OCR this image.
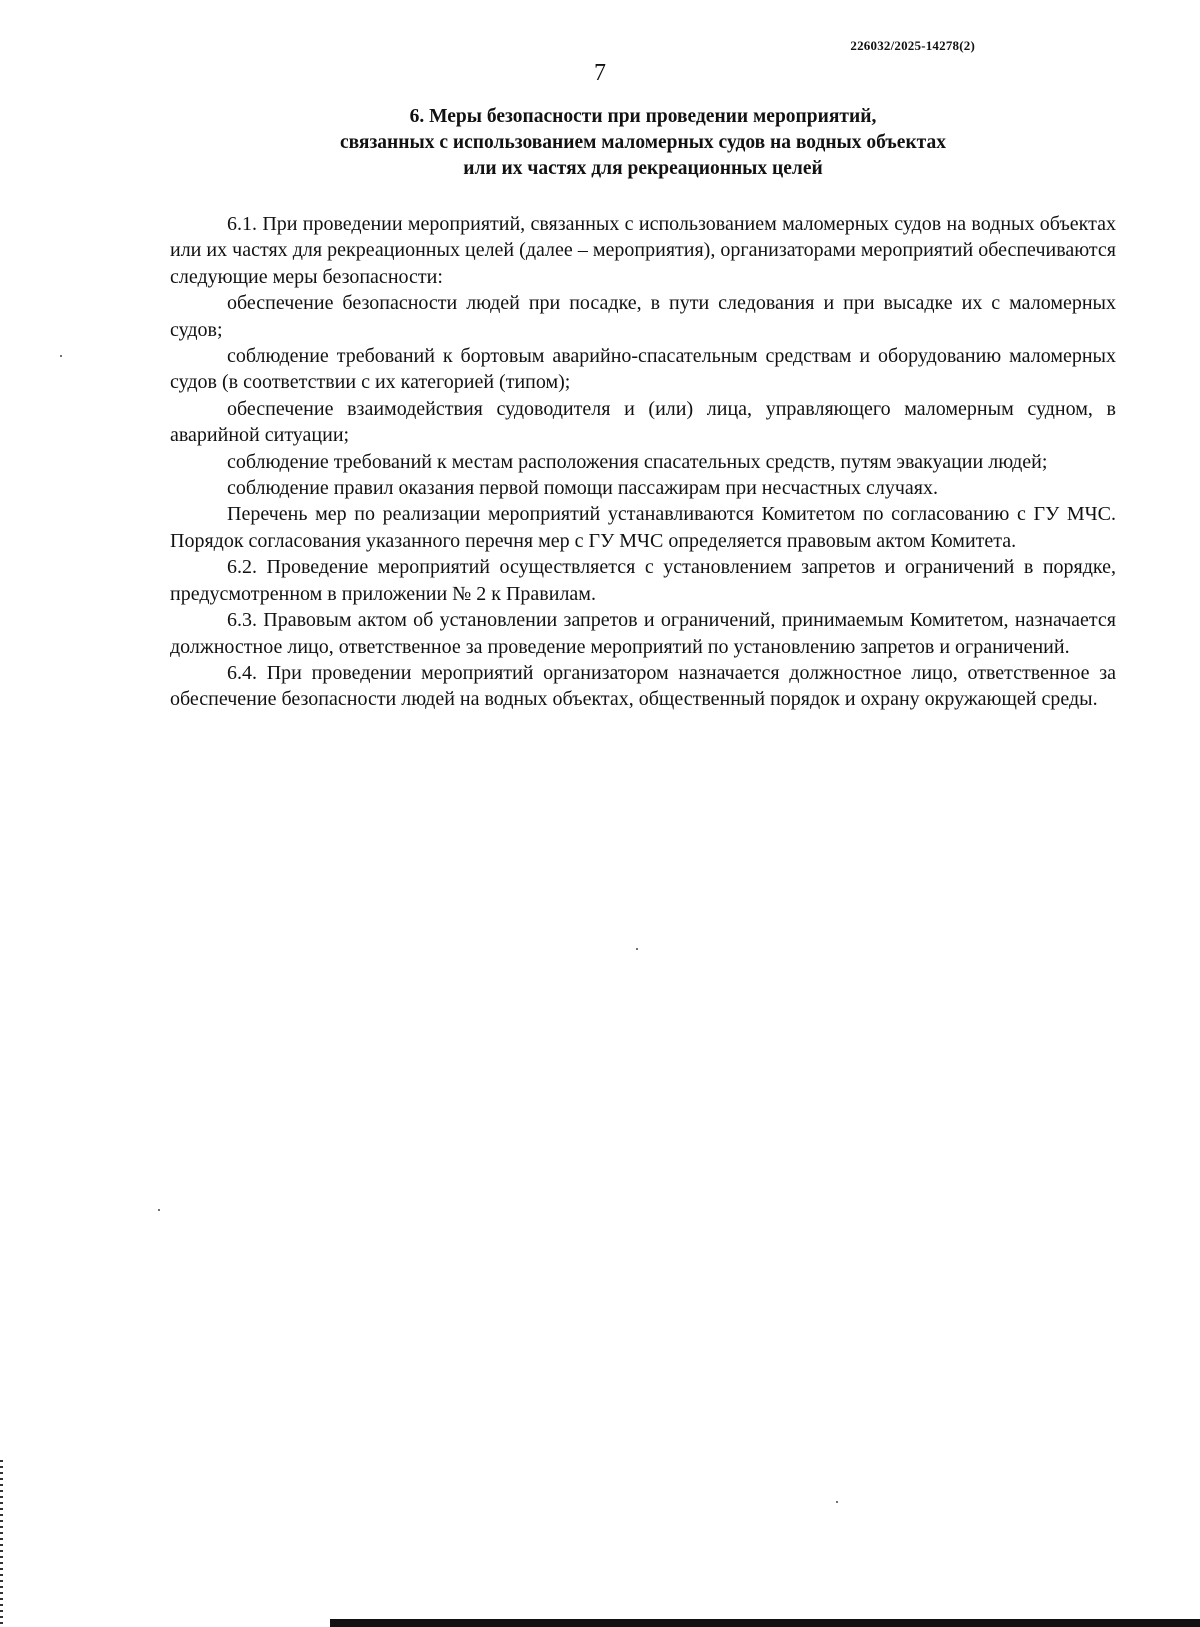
226032/2025-14278(2)
7
6. Меры безопасности при проведении мероприятий,
связанных с использованием маломерных судов на водных объектах
или их частях для рекреационных целей

6.1. При проведении мероприятий, связанных с использованием маломерных судов на водных объектах или их частях для рекреационных целей (далее – мероприятия), организаторами мероприятий обеспечиваются следующие меры безопасности:

обеспечение безопасности людей при посадке, в пути следования и при высадке их с маломерных судов;

соблюдение требований к бортовым аварийно-спасательным средствам и оборудованию маломерных судов (в соответствии с их категорией (типом);

обеспечение взаимодействия судоводителя и (или) лица, управляющего маломерным судном, в аварийной ситуации;

соблюдение требований к местам расположения спасательных средств, путям эвакуации людей;

соблюдение правил оказания первой помощи пассажирам при несчастных случаях.

Перечень мер по реализации мероприятий устанавливаются Комитетом по согласованию с ГУ МЧС. Порядок согласования указанного перечня мер с ГУ МЧС определяется правовым актом Комитета.

6.2. Проведение мероприятий осуществляется с установлением запретов и ограничений в порядке, предусмотренном в приложении № 2 к Правилам.

6.3. Правовым актом об установлении запретов и ограничений, принимаемым Комитетом, назначается должностное лицо, ответственное за проведение мероприятий по установлению запретов и ограничений.

6.4. При проведении мероприятий организатором назначается должностное лицо, ответственное за обеспечение безопасности людей на водных объектах, общественный порядок и охрану окружающей среды.
